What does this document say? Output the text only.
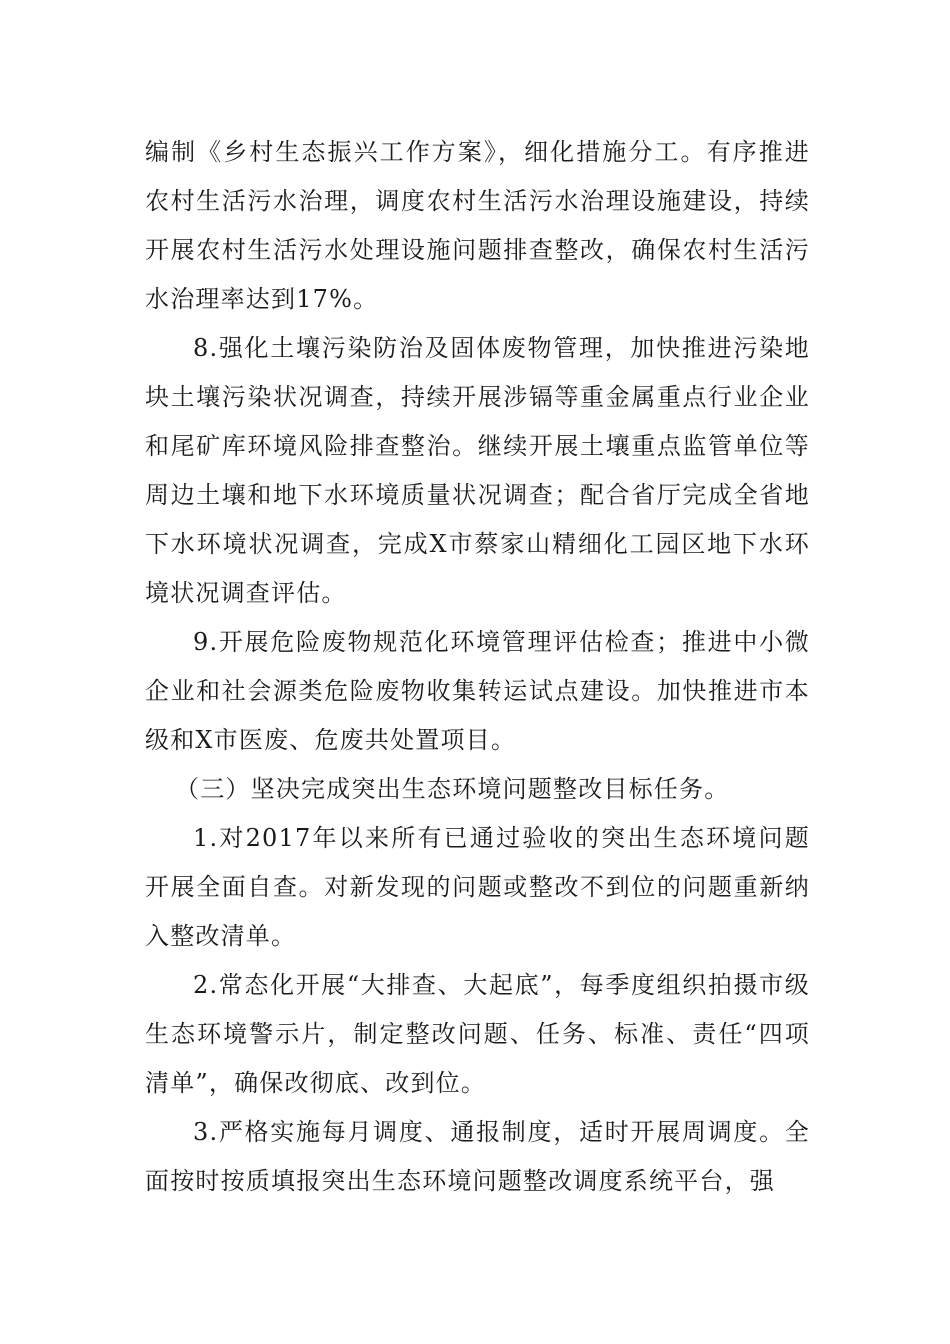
编制《乡村生态振兴工作方案》，细化措施分工。有序推进农村生活污水治理，调度农村生活污水治理设施建设，持续开展农村生活污水处理设施问题排查整改，确保农村生活污水治理率达到17%。

8.强化土壤污染防治及固体废物管理，加快推进污染地块土壤污染状况调查，持续开展涉镉等重金属重点行业企业和尾矿库环境风险排查整治。继续开展土壤重点监管单位等周边土壤和地下水环境质量状况调查；配合省厅完成全省地下水环境状况调查，完成X市蔡家山精细化工园区地下水环境状况调查评估。

9.开展危险废物规范化环境管理评估检查；推进中小微企业和社会源类危险废物收集转运试点建设。加快推进市本级和X市医废、危废共处置项目。

（三）坚决完成突出生态环境问题整改目标任务。

1.对2017年以来所有已通过验收的突出生态环境问题开展全面自查。对新发现的问题或整改不到位的问题重新纳入整改清单。

2.常态化开展“大排查、大起底”，每季度组织拍摄市级生态环境警示片，制定整改问题、任务、标准、责任“四项清单”，确保改彻底、改到位。

3.严格实施每月调度、通报制度，适时开展周调度。全面按时按质填报突出生态环境问题整改调度系统平台，强
